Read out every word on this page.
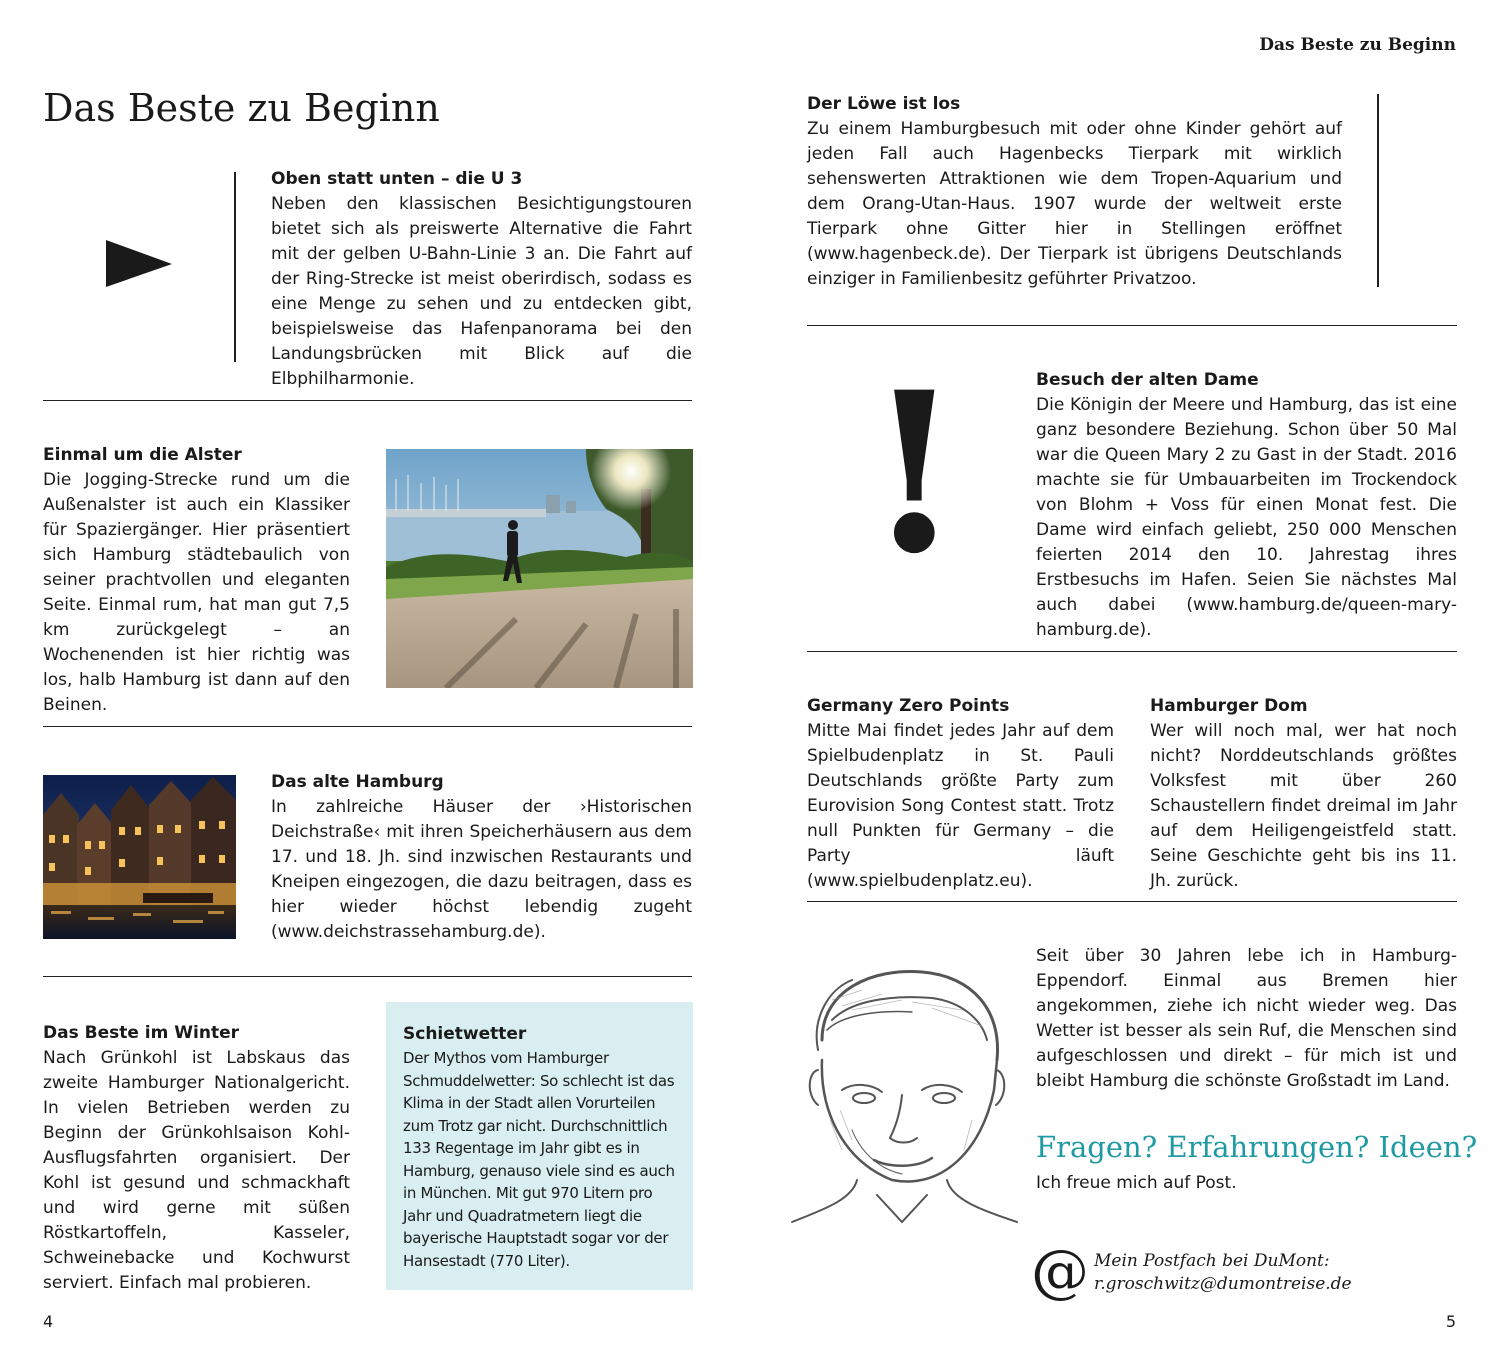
Das Beste zu Beginn
Das Beste zu Beginn
Oben statt unten – die U 3

Neben den klassischen Besichtigungstouren bietet sich als preiswerte Alternative die Fahrt mit der gelben U-Bahn-Linie 3 an. Die Fahrt auf der Ring-Strecke ist meist oberirdisch, sodass es eine Menge zu sehen und zu entdecken gibt, beispielsweise das Hafenpanorama bei den Landungsbrücken mit Blick auf die Elbphilharmonie.

Einmal um die Alster

Die Jogging-Strecke rund um die Außenalster ist auch ein Klassiker für Spaziergänger. Hier präsentiert sich Hamburg städtebaulich von seiner prachtvollen und eleganten Seite. Einmal rum, hat man gut 7,5 km zurückgelegt – an Wochenenden ist hier richtig was los, halb Hamburg ist dann auf den Beinen.

Das alte Hamburg

In zahlreiche Häuser der ›Historischen Deichstraße‹ mit ihren Speicherhäusern aus dem 17. und 18. Jh. sind inzwischen Restaurants und Kneipen eingezogen, die dazu beitragen, dass es hier wieder höchst lebendig zugeht (www.deichstrassehamburg.de).

Das Beste im Winter

Nach Grünkohl ist Labskaus das zweite Hamburger Nationalgericht. In vielen Betrieben werden zu Beginn der Grünkohlsaison Kohl-Ausflugsfahrten organisiert. Der Kohl ist gesund und schmackhaft und wird gerne mit süßen Röstkartoffeln, Kasseler, Schweinebacke und Kochwurst serviert. Einfach mal probieren.

Schietwetter
Der Mythos vom Hamburger Schmuddelwetter: So schlecht ist das Klima in der Stadt allen Vorurteilen zum Trotz gar nicht. Durchschnittlich 133 Regentage im Jahr gibt es in Hamburg, genauso viele sind es auch in München. Mit gut 970 Litern pro Jahr und Quadratmetern liegt die bayerische Hauptstadt sogar vor der Hansestadt (770 Liter).
4
Der Löwe ist los

Zu einem Hamburgbesuch mit oder ohne Kinder gehört auf jeden Fall auch Hagenbecks Tierpark mit wirklich sehenswerten Attraktionen wie dem Tropen-Aquarium und dem Orang-Utan-Haus. 1907 wurde der weltweit erste Tierpark ohne Gitter hier in Stellingen eröffnet (www.hagenbeck.de). Der Tierpark ist übrigens Deutschlands einziger in Familienbesitz geführter Privatzoo.

!	Besuch der alten Dame

Die Königin der Meere und Hamburg, das ist eine ganz besondere Beziehung. Schon über 50 Mal war die Queen Mary 2 zu Gast in der Stadt. 2016 machte sie für Umbauarbeiten im Trockendock von Blohm + Voss für einen Monat fest. Die Dame wird einfach geliebt, 250 000 Menschen feierten 2014 den 10. Jahrestag ihres Erstbesuchs im Hafen. Seien Sie nächstes Mal auch dabei (www.hamburg.de/queen-mary-hamburg.de).

Germany Zero Points

Mitte Mai findet jedes Jahr auf dem Spielbudenplatz in St. Pauli Deutschlands größte Party zum Eurovision Song Contest statt. Trotz null Punkten für Germany – die Party läuft (www.spielbudenplatz.eu).

Hamburger Dom

Wer will noch mal, wer hat noch nicht? Norddeutschlands größtes Volksfest mit über 260 Schaustellern findet dreimal im Jahr auf dem Heiligengeistfeld statt. Seine Geschichte geht bis ins 11. Jh. zurück.

Seit über 30 Jahren lebe ich in Hamburg-Eppendorf. Einmal aus Bremen hier angekommen, ziehe ich nicht wieder weg. Das Wetter ist besser als sein Ruf, die Menschen sind aufgeschlossen und direkt – für mich ist und bleibt Hamburg die schönste Großstadt im Land.

Fragen? Erfahrungen? Ideen?
Ich freue mich auf Post.
@ Mein Postfach bei DuMont:
r.groschwitz@dumontreise.de
5
